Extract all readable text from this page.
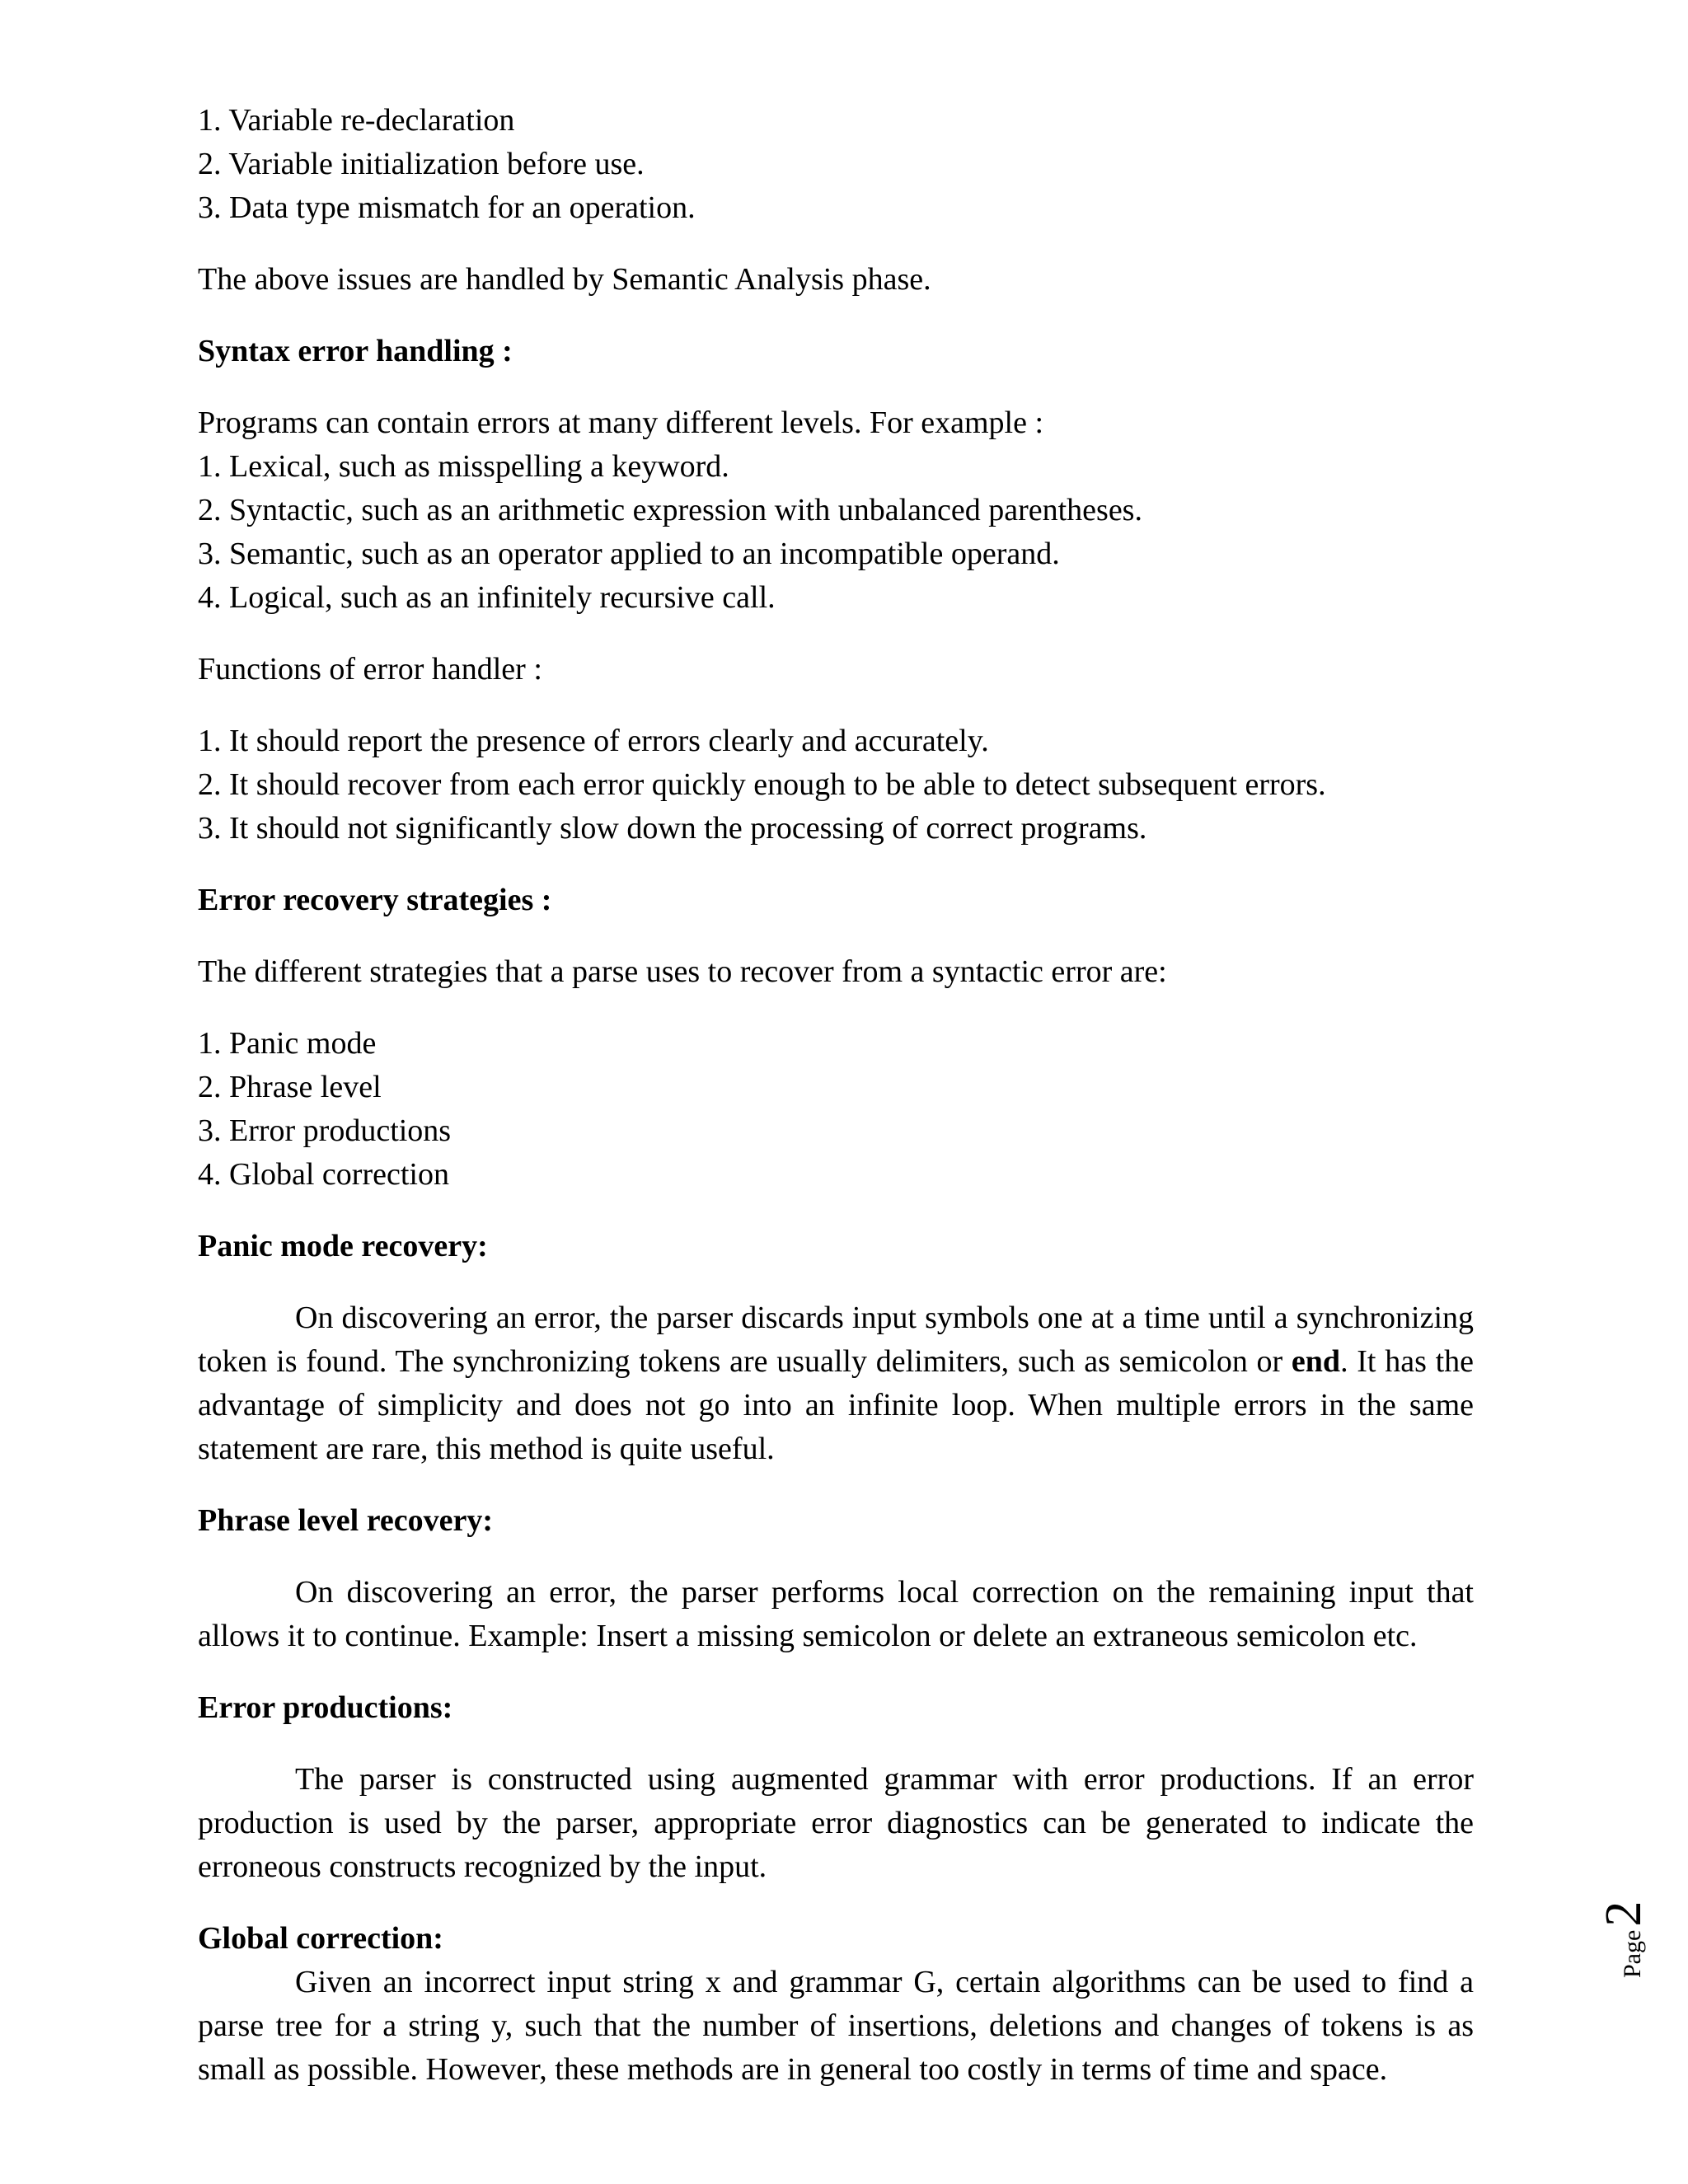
1. Variable re-declaration

2. Variable initialization before use.

3. Data type mismatch for an operation.

The above issues are handled by Semantic Analysis phase.

Syntax error handling :

Programs can contain errors at many different levels. For example :

1. Lexical, such as misspelling a keyword.

2. Syntactic, such as an arithmetic expression with unbalanced parentheses.

3. Semantic, such as an operator applied to an incompatible operand.

4. Logical, such as an infinitely recursive call.

Functions of error handler :

1. It should report the presence of errors clearly and accurately.

2. It should recover from each error quickly enough to be able to detect subsequent errors.

3. It should not significantly slow down the processing of correct programs.

Error recovery strategies :

The different strategies that a parse uses to recover from a syntactic error are:

1. Panic mode

2. Phrase level

3. Error productions

4. Global correction

Panic mode recovery:

On discovering an error, the parser discards input symbols one at a time until a synchronizing token is found. The synchronizing tokens are usually delimiters, such as semicolon or end. It has the advantage of simplicity and does not go into an infinite loop. When multiple errors in the same statement are rare, this method is quite useful.

Phrase level recovery:

On discovering an error, the parser performs local correction on the remaining input that allows it to continue. Example: Insert a missing semicolon or delete an extraneous semicolon etc.

Error productions:

The parser is constructed using augmented grammar with error productions. If an error production is used by the parser, appropriate error diagnostics can be generated to indicate the erroneous constructs recognized by the input.

Global correction:

Given an incorrect input string x and grammar G, certain algorithms can be used to find a parse tree for a string y, such that the number of insertions, deletions and changes of tokens is as small as possible. However, these methods are in general too costly in terms of time and space.

Page
2
